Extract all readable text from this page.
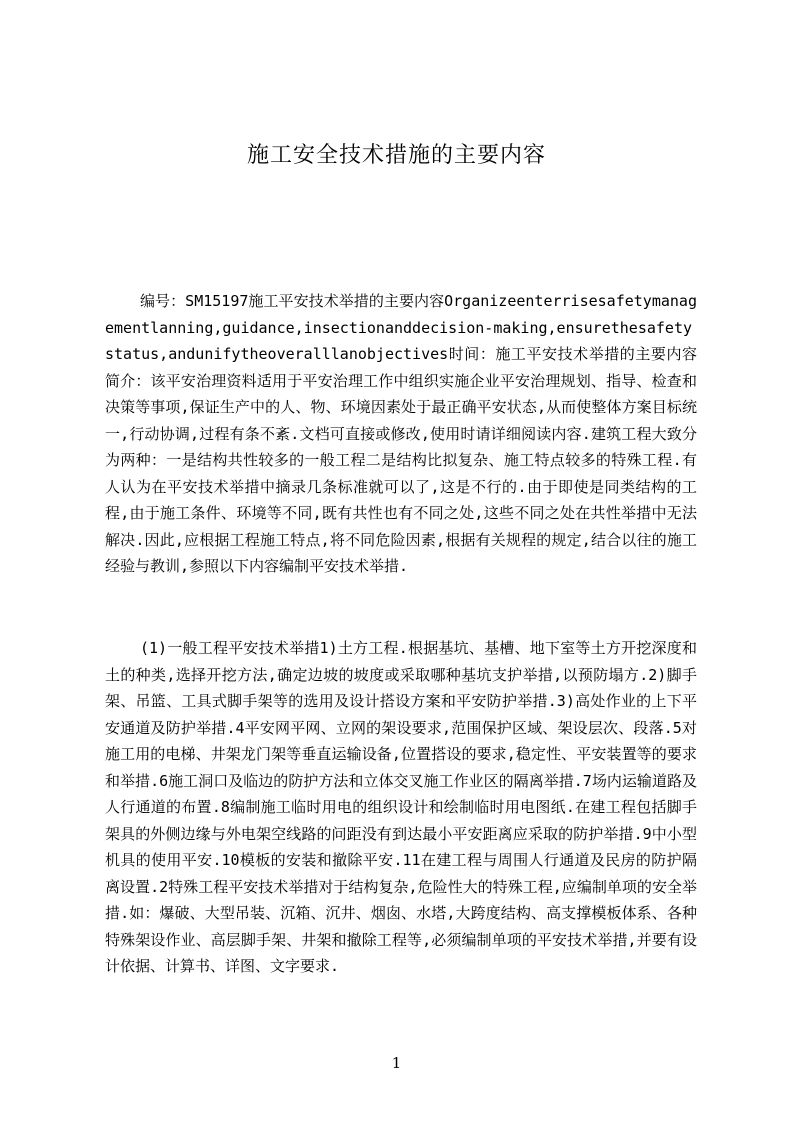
施工安全技术措施的主要内容

编号：SM15197施工平安技术举措的主要内容Organizeenterrisesafetymanagementlanning,guidance,insectionanddecision-making,ensurethesafetystatus,andunifytheoveralllanobjectives时间：施工平安技术举措的主要内容简介：该平安治理资料适用于平安治理工作中组织实施企业平安治理规划、指导、检查和决策等事项,保证生产中的人、物、环境因素处于最正确平安状态,从而使整体方案目标统一,行动协调,过程有条不紊.文档可直接或修改,使用时请详细阅读内容.建筑工程大致分为两种：一是结构共性较多的一般工程二是结构比拟复杂、施工特点较多的特殊工程.有人认为在平安技术举措中摘录几条标准就可以了,这是不行的.由于即使是同类结构的工程,由于施工条件、环境等不同,既有共性也有不同之处,这些不同之处在共性举措中无法解决.因此,应根据工程施工特点,将不同危险因素,根据有关规程的规定,结合以往的施工经验与教训,参照以下内容编制平安技术举措.

(1)一般工程平安技术举措1)土方工程.根据基坑、基槽、地下室等土方开挖深度和土的种类,选择开挖方法,确定边坡的坡度或采取哪种基坑支护举措,以预防塌方.2)脚手架、吊篮、工具式脚手架等的选用及设计搭设方案和平安防护举措.3)高处作业的上下平安通道及防护举措.4平安网平网、立网的架设要求,范围保护区域、架设层次、段落.5对施工用的电梯、井架龙门架等垂直运输设备,位置搭设的要求,稳定性、平安装置等的要求和举措.6施工洞口及临边的防护方法和立体交叉施工作业区的隔离举措.7场内运输道路及人行通道的布置.8编制施工临时用电的组织设计和绘制临时用电图纸.在建工程包括脚手架具的外侧边缘与外电架空线路的问距没有到达最小平安距离应采取的防护举措.9中小型机具的使用平安.10模板的安装和撤除平安.11在建工程与周围人行通道及民房的防护隔离设置.2特殊工程平安技术举措对于结构复杂,危险性大的特殊工程,应编制单项的安全举措.如：爆破、大型吊装、沉箱、沉井、烟囱、水塔,大跨度结构、高支撑模板体系、各种特殊架设作业、高层脚手架、井架和撤除工程等,必须编制单项的平安技术举措,并要有设计依据、计算书、详图、文字要求.

1
